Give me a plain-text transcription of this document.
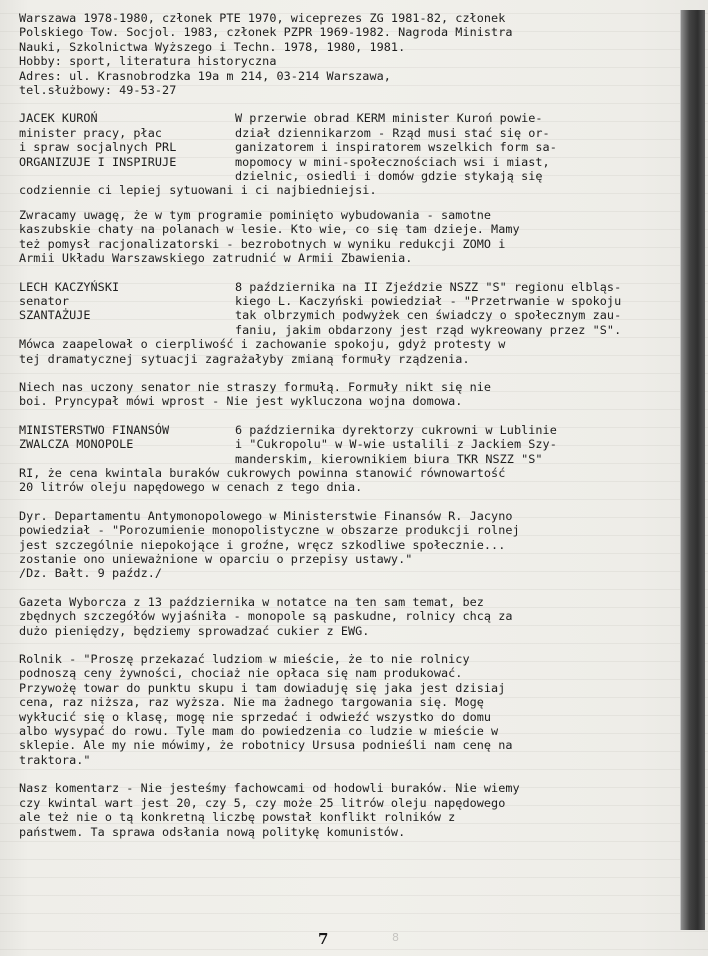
Warszawa 1978-1980, członek PTE 1970, wiceprezes ZG 1981-82, członek
Polskiego Tow. Socjol. 1983, członek PZPR 1969-1982. Nagroda Ministra
Nauki, Szkolnictwa Wyższego i Techn. 1978, 1980, 1981.
Hobby: sport, literatura historyczna
Adres: ul. Krasnobrodzka 19a m 214, 03-214 Warszawa,
tel.służbowy: 49-53-27
JACEK KUROŃ
minister pracy, płac
i spraw socjalnych PRL
ORGANIZUJE I INSPIRUJE
W przerwie obrad KERM minister Kuroń powie-
dział dziennikarzom - Rząd musi stać się or-
ganizatorem i inspiratorem wszelkich form sa-
mopomocy w mini-społecznościach wsi i miast,
dzielnic, osiedli i domów gdzie stykają się
codziennie ci lepiej sytuowani i ci najbiedniejsi.
Zwracamy uwagę, że w tym programie pominięto wybudowania - samotne
kaszubskie chaty na polanach w lesie. Kto wie, co się tam dzieje. Mamy
też pomysł racjonalizatorski - bezrobotnych w wyniku redukcji ZOMO i
Armii Układu Warszawskiego zatrudnić w Armii Zbawienia.
LECH KACZYŃSKI
senator
SZANTAŻUJE
8 października na II Zjeździe NSZZ "S" regionu elbląs-
kiego L. Kaczyński powiedział - "Przetrwanie w spokoju
tak olbrzymich podwyżek cen świadczy o społecznym zau-
faniu, jakim obdarzony jest rząd wykreowany przez "S".
Mówca zaapelował o cierpliwość i zachowanie spokoju, gdyż protesty w
tej dramatycznej sytuacji zagrażałyby zmianą formuły rządzenia.
Niech nas uczony senator nie straszy formułą. Formuły nikt się nie
boi. Pryncypał mówi wprost - Nie jest wykluczona wojna domowa.
MINISTERSTWO FINANSÓW
ZWALCZA MONOPOLE
6 października dyrektorzy cukrowni w Lublinie
i "Cukropolu" w W-wie ustalili z Jackiem Szy-
manderskim, kierownikiem biura TKR NSZZ "S"
RI, że cena kwintala buraków cukrowych powinna stanowić równowartość
20 litrów oleju napędowego w cenach z tego dnia.
Dyr. Departamentu Antymonopolowego w Ministerstwie Finansów R. Jacyno
powiedział - "Porozumienie monopolistyczne w obszarze produkcji rolnej
jest szczególnie niepokojące i groźne, wręcz szkodliwe społecznie...
zostanie ono unieważnione w oparciu o przepisy ustawy."
/Dz. Bałt. 9 paźdz./
Gazeta Wyborcza z 13 października w notatce na ten sam temat, bez
zbędnych szczegółów wyjaśniła - monopole są paskudne, rolnicy chcą za
dużo pieniędzy, będziemy sprowadzać cukier z EWG.
Rolnik - "Proszę przekazać ludziom w mieście, że to nie rolnicy
podnoszą ceny żywności, chociaż nie opłaca się nam produkować.
Przywożę towar do punktu skupu i tam dowiaduję się jaka jest dzisiaj
cena, raz niższa, raz wyższa. Nie ma żadnego targowania się. Mogę
wykłucić się o klasę, mogę nie sprzedać i odwieźć wszystko do domu
albo wysypać do rowu. Tyle mam do powiedzenia co ludzie w mieście w
sklepie. Ale my nie mówimy, że robotnicy Ursusa podnieśli nam cenę na
traktora."
Nasz komentarz - Nie jesteśmy fachowcami od hodowli buraków. Nie wiemy
czy kwintal wart jest 20, czy 5, czy może 25 litrów oleju napędowego
ale też nie o tą konkretną liczbę powstał konflikt rolników z
państwem. Ta sprawa odsłania nową politykę komunistów.
7	8
